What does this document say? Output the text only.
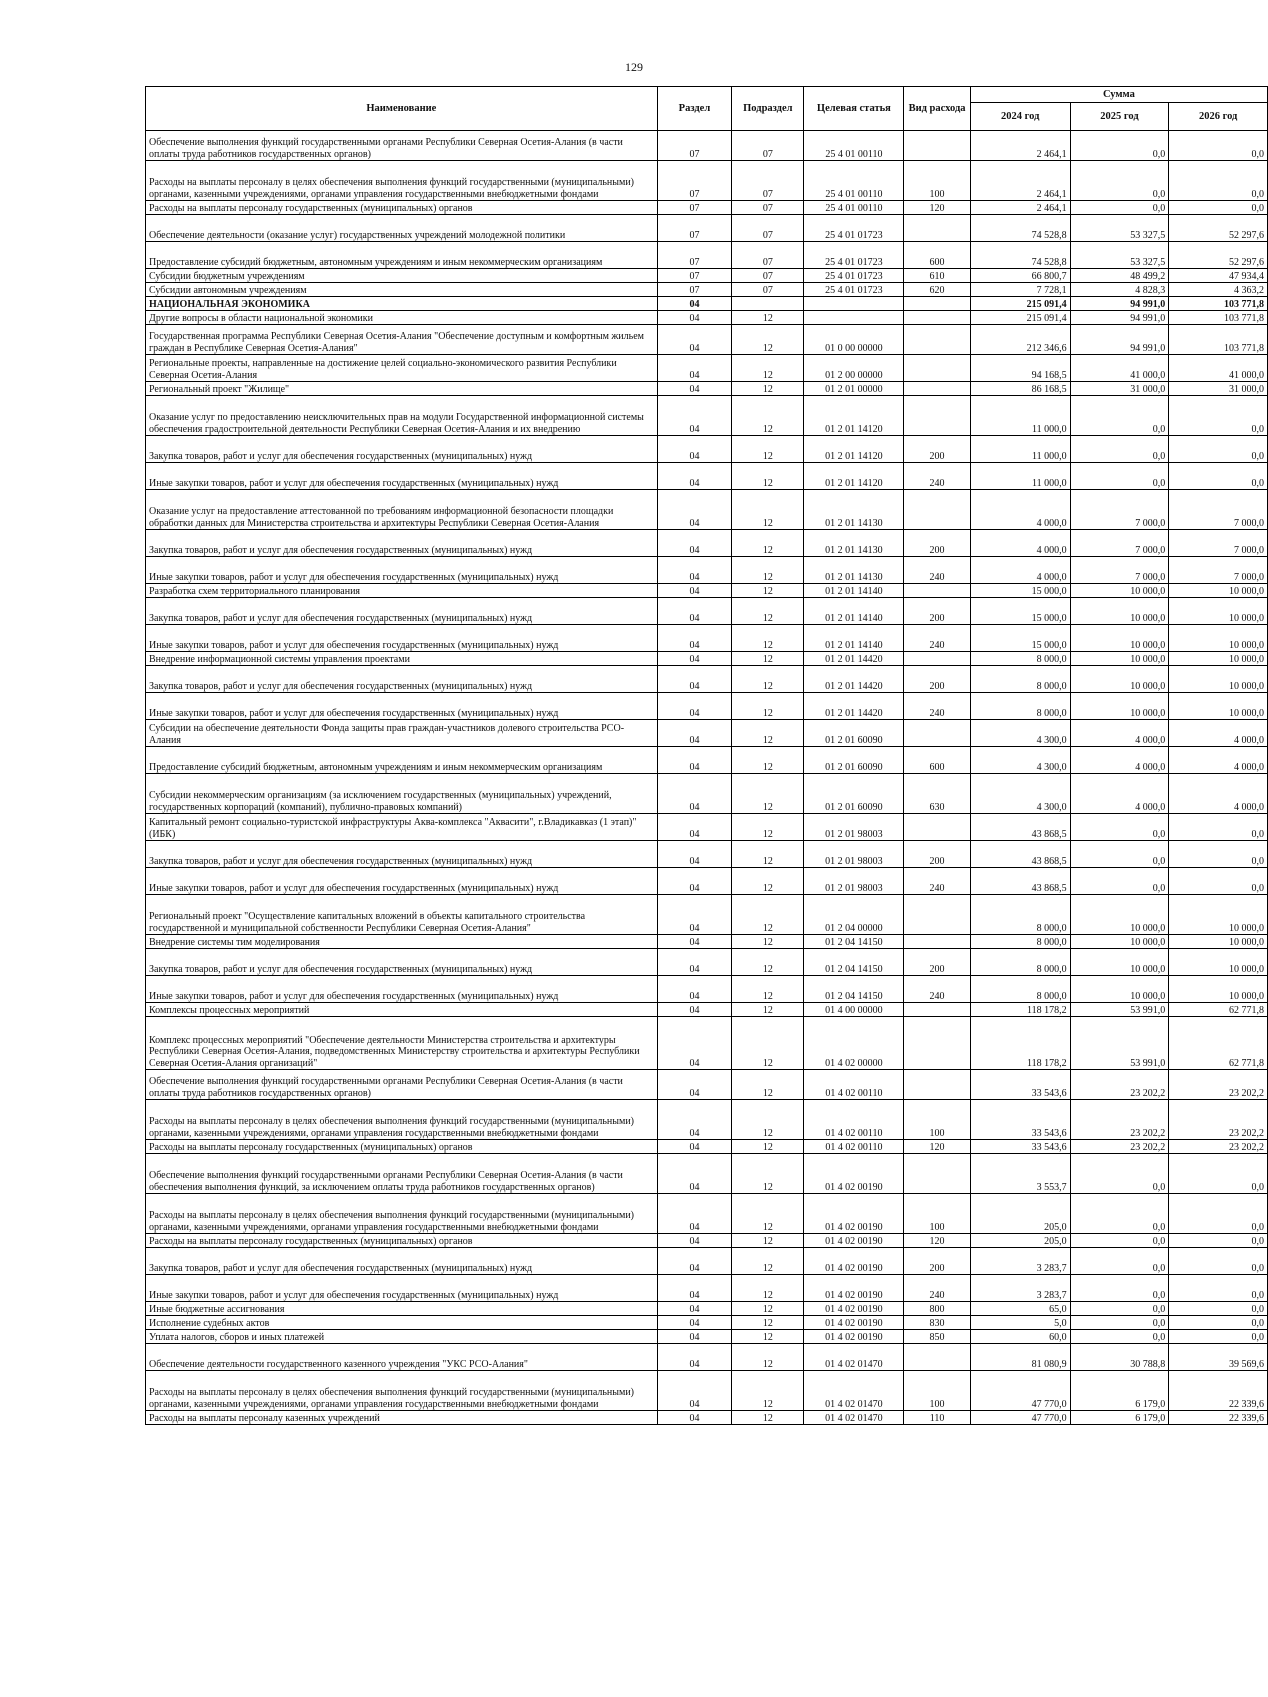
129
Наименование	Раздел	Подраздел	Целевая статья	Вид расхода	Сумма		
					2024 год	2025 год	2026 год
Обеспечение выполнения функций государственными органами Республики Северная Осетия-Алания (в части оплаты труда работников государственных органов)	07	07	25 4 01 00110		2 464,1	0,0	0,0
Расходы на выплаты персоналу в целях обеспечения выполнения функций государственными (муниципальными) органами, казенными учреждениями, органами управления государственными внебюджетными фондами	07	07	25 4 01 00110	100	2 464,1	0,0	0,0
Расходы на выплаты персоналу государственных (муниципальных) органов	07	07	25 4 01 00110	120	2 464,1	0,0	0,0
Обеспечение деятельности (оказание услуг) государственных учреждений молодежной политики	07	07	25 4 01 01723		74 528,8	53 327,5	52 297,6
Предоставление субсидий бюджетным, автономным учреждениям и иным некоммерческим организациям	07	07	25 4 01 01723	600	74 528,8	53 327,5	52 297,6
Субсидии бюджетным учреждениям	07	07	25 4 01 01723	610	66 800,7	48 499,2	47 934,4
Субсидии автономным учреждениям	07	07	25 4 01 01723	620	7 728,1	4 828,3	4 363,2
НАЦИОНАЛЬНАЯ ЭКОНОМИКА	04				215 091,4	94 991,0	103 771,8
Другие вопросы в области национальной экономики	04	12			215 091,4	94 991,0	103 771,8
Государственная программа Республики Северная Осетия-Алания "Обеспечение доступным и комфортным жильем граждан в Республике Северная Осетия-Алания"	04	12	01 0 00 00000		212 346,6	94 991,0	103 771,8
Региональные проекты, направленные на достижение целей социально-экономического развития Республики Северная Осетия-Алания	04	12	01 2 00 00000		94 168,5	41 000,0	41 000,0
Региональный проект "Жилище"	04	12	01 2 01 00000		86 168,5	31 000,0	31 000,0
Оказание услуг по предоставлению неисключительных прав на модули Государственной информационной системы обеспечения градостроительной деятельности Республики Северная Осетия-Алания и их внедрению	04	12	01 2 01 14120		11 000,0	0,0	0,0
Закупка товаров, работ и услуг для обеспечения государственных (муниципальных) нужд	04	12	01 2 01 14120	200	11 000,0	0,0	0,0
Иные закупки товаров, работ и услуг для обеспечения государственных (муниципальных) нужд	04	12	01 2 01 14120	240	11 000,0	0,0	0,0
Оказание услуг на предоставление аттестованной по требованиям информационной безопасности площадки обработки данных для Министерства строительства и архитектуры Республики Северная Осетия-Алания	04	12	01 2 01 14130		4 000,0	7 000,0	7 000,0
Закупка товаров, работ и услуг для обеспечения государственных (муниципальных) нужд	04	12	01 2 01 14130	200	4 000,0	7 000,0	7 000,0
Иные закупки товаров, работ и услуг для обеспечения государственных (муниципальных) нужд	04	12	01 2 01 14130	240	4 000,0	7 000,0	7 000,0
Разработка схем территориального планирования	04	12	01 2 01 14140		15 000,0	10 000,0	10 000,0
Закупка товаров, работ и услуг для обеспечения государственных (муниципальных) нужд	04	12	01 2 01 14140	200	15 000,0	10 000,0	10 000,0
Иные закупки товаров, работ и услуг для обеспечения государственных (муниципальных) нужд	04	12	01 2 01 14140	240	15 000,0	10 000,0	10 000,0
Внедрение информационной системы управления проектами	04	12	01 2 01 14420		8 000,0	10 000,0	10 000,0
Закупка товаров, работ и услуг для обеспечения государственных (муниципальных) нужд	04	12	01 2 01 14420	200	8 000,0	10 000,0	10 000,0
Иные закупки товаров, работ и услуг для обеспечения государственных (муниципальных) нужд	04	12	01 2 01 14420	240	8 000,0	10 000,0	10 000,0
Субсидии на обеспечение деятельности Фонда защиты прав граждан-участников долевого строительства РСО-Алания	04	12	01 2 01 60090		4 300,0	4 000,0	4 000,0
Предоставление субсидий бюджетным, автономным учреждениям и иным некоммерческим организациям	04	12	01 2 01 60090	600	4 300,0	4 000,0	4 000,0
Субсидии некоммерческим организациям (за исключением государственных (муниципальных) учреждений, государственных корпораций (компаний), публично-правовых компаний)	04	12	01 2 01 60090	630	4 300,0	4 000,0	4 000,0
Капитальный ремонт социально-туристской инфраструктуры Аква-комплекса "Аквасити", г.Владикавказ (1 этап)" (ИБК)	04	12	01 2 01 98003		43 868,5	0,0	0,0
Закупка товаров, работ и услуг для обеспечения государственных (муниципальных) нужд	04	12	01 2 01 98003	200	43 868,5	0,0	0,0
Иные закупки товаров, работ и услуг для обеспечения государственных (муниципальных) нужд	04	12	01 2 01 98003	240	43 868,5	0,0	0,0
Региональный проект "Осуществление капитальных вложений в объекты капитального строительства государственной и муниципальной собственности Республики Северная Осетия-Алания"	04	12	01 2 04 00000		8 000,0	10 000,0	10 000,0
Внедрение системы тим моделирования	04	12	01 2 04 14150		8 000,0	10 000,0	10 000,0
Закупка товаров, работ и услуг для обеспечения государственных (муниципальных) нужд	04	12	01 2 04 14150	200	8 000,0	10 000,0	10 000,0
Иные закупки товаров, работ и услуг для обеспечения государственных (муниципальных) нужд	04	12	01 2 04 14150	240	8 000,0	10 000,0	10 000,0
Комплексы процессных мероприятий	04	12	01 4 00 00000		118 178,2	53 991,0	62 771,8
Комплекс процессных мероприятий "Обеспечение деятельности Министерства строительства и архитектуры Республики Северная Осетия-Алания, подведомственных Министерству строительства и архитектуры Республики Северная Осетия-Алания организаций"	04	12	01 4 02 00000		118 178,2	53 991,0	62 771,8
Обеспечение выполнения функций государственными органами Республики Северная Осетия-Алания (в части оплаты труда работников государственных органов)	04	12	01 4 02 00110		33 543,6	23 202,2	23 202,2
Расходы на выплаты персоналу в целях обеспечения выполнения функций государственными (муниципальными) органами, казенными учреждениями, органами управления государственными внебюджетными фондами	04	12	01 4 02 00110	100	33 543,6	23 202,2	23 202,2
Расходы на выплаты персоналу государственных (муниципальных) органов	04	12	01 4 02 00110	120	33 543,6	23 202,2	23 202,2
Обеспечение выполнения функций государственными органами Республики Северная Осетия-Алания (в части обеспечения выполнения функций, за исключением оплаты труда работников государственных органов)	04	12	01 4 02 00190		3 553,7	0,0	0,0
Расходы на выплаты персоналу в целях обеспечения выполнения функций государственными (муниципальными) органами, казенными учреждениями, органами управления государственными внебюджетными фондами	04	12	01 4 02 00190	100	205,0	0,0	0,0
Расходы на выплаты персоналу государственных (муниципальных) органов	04	12	01 4 02 00190	120	205,0	0,0	0,0
Закупка товаров, работ и услуг для обеспечения государственных (муниципальных) нужд	04	12	01 4 02 00190	200	3 283,7	0,0	0,0
Иные закупки товаров, работ и услуг для обеспечения государственных (муниципальных) нужд	04	12	01 4 02 00190	240	3 283,7	0,0	0,0
Иные бюджетные ассигнования	04	12	01 4 02 00190	800	65,0	0,0	0,0
Исполнение судебных актов	04	12	01 4 02 00190	830	5,0	0,0	0,0
Уплата налогов, сборов и иных платежей	04	12	01 4 02 00190	850	60,0	0,0	0,0
Обеспечение деятельности государственного казенного учреждения "УКС РСО-Алания"	04	12	01 4 02 01470		81 080,9	30 788,8	39 569,6
Расходы на выплаты персоналу в целях обеспечения выполнения функций государственными (муниципальными) органами, казенными учреждениями, органами управления государственными внебюджетными фондами	04	12	01 4 02 01470	100	47 770,0	6 179,0	22 339,6
Расходы на выплаты персоналу казенных учреждений	04	12	01 4 02 01470	110	47 770,0	6 179,0	22 339,6
